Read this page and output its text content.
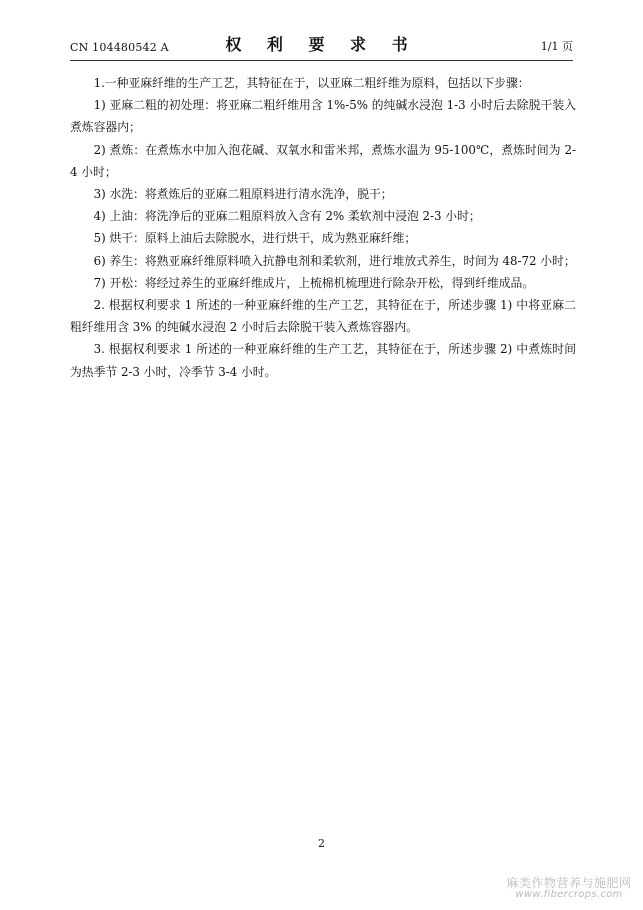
CN 104480542 A	权 利 要 求 书	1/1 页

1.一种亚麻纤维的生产工艺，其特征在于，以亚麻二粗纤维为原料，包括以下步骤：

1) 亚麻二粗的初处理：将亚麻二粗纤维用含 1%-5% 的纯碱水浸泡 1-3 小时后去除脱干装入煮炼容器内；

2) 煮炼：在煮炼水中加入泡花碱、双氧水和雷米邦，煮炼水温为 95-100℃，煮炼时间为 2-4 小时；

3) 水洗：将煮炼后的亚麻二粗原料进行清水洗净，脱干；

4) 上油：将洗净后的亚麻二粗原料放入含有 2% 柔软剂中浸泡 2-3 小时；

5) 烘干：原料上油后去除脱水，进行烘干，成为熟亚麻纤维；

6) 养生：将熟亚麻纤维原料喷入抗静电剂和柔软剂，进行堆放式养生，时间为 48-72 小时；

7) 开松：将经过养生的亚麻纤维成片，上梳棉机梳理进行除杂开松，得到纤维成品。

2. 根据权利要求 1 所述的一种亚麻纤维的生产工艺，其特征在于，所述步骤 1) 中将亚麻二粗纤维用含 3% 的纯碱水浸泡 2 小时后去除脱干装入煮炼容器内。

3. 根据权利要求 1 所述的一种亚麻纤维的生产工艺，其特征在于，所述步骤 2) 中煮炼时间为热季节 2-3 小时，冷季节 3-4 小时。

2
麻类作物营养与施肥网
www.fibercrops.com
